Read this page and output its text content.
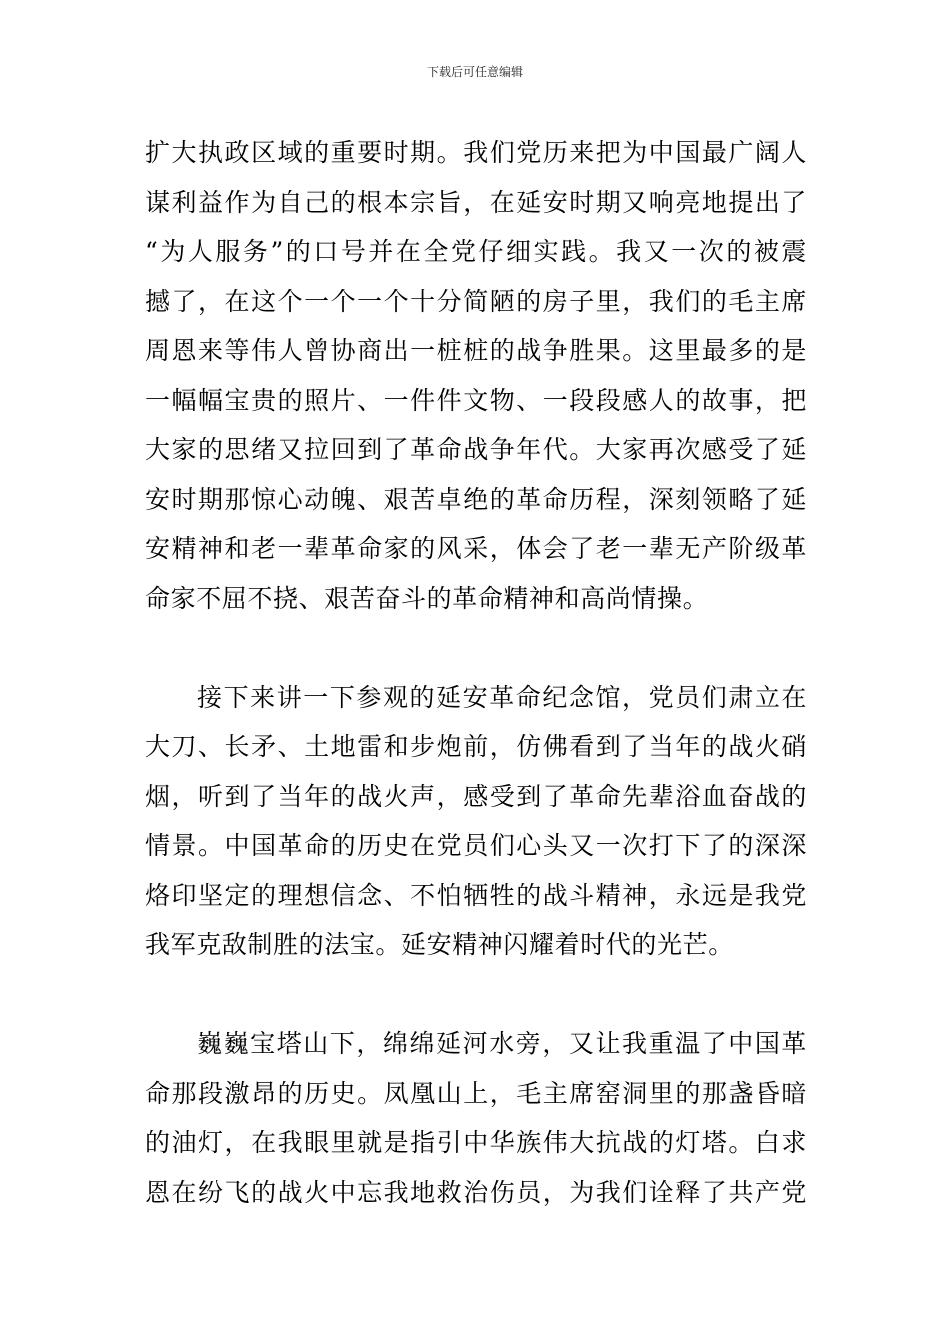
下载后可任意编辑
扩大执政区域的重要时期。我们党历来把为中国最广阔人
谋利益作为自己的根本宗旨，在延安时期又响亮地提出了
“为人服务”的口号并在全党仔细实践。我又一次的被震
撼了，在这个一个一个十分简陋的房子里，我们的毛主席
周恩来等伟人曾协商出一桩桩的战争胜果。这里最多的是
一幅幅宝贵的照片、一件件文物、一段段感人的故事，把
大家的思绪又拉回到了革命战争年代。大家再次感受了延
安时期那惊心动魄、艰苦卓绝的革命历程，深刻领略了延
安精神和老一辈革命家的风采，体会了老一辈无产阶级革
命家不屈不挠、艰苦奋斗的革命精神和高尚情操。
接下来讲一下参观的延安革命纪念馆，党员们肃立在
大刀、长矛、土地雷和步炮前，仿佛看到了当年的战火硝
烟，听到了当年的战火声，感受到了革命先辈浴血奋战的
情景。中国革命的历史在党员们心头又一次打下了的深深
烙印坚定的理想信念、不怕牺牲的战斗精神，永远是我党
我军克敌制胜的法宝。延安精神闪耀着时代的光芒。
巍巍宝塔山下，绵绵延河水旁，又让我重温了中国革
命那段激昂的历史。凤凰山上，毛主席窑洞里的那盏昏暗
的油灯，在我眼里就是指引中华族伟大抗战的灯塔。白求
恩在纷飞的战火中忘我地救治伤员，为我们诠释了共产党
